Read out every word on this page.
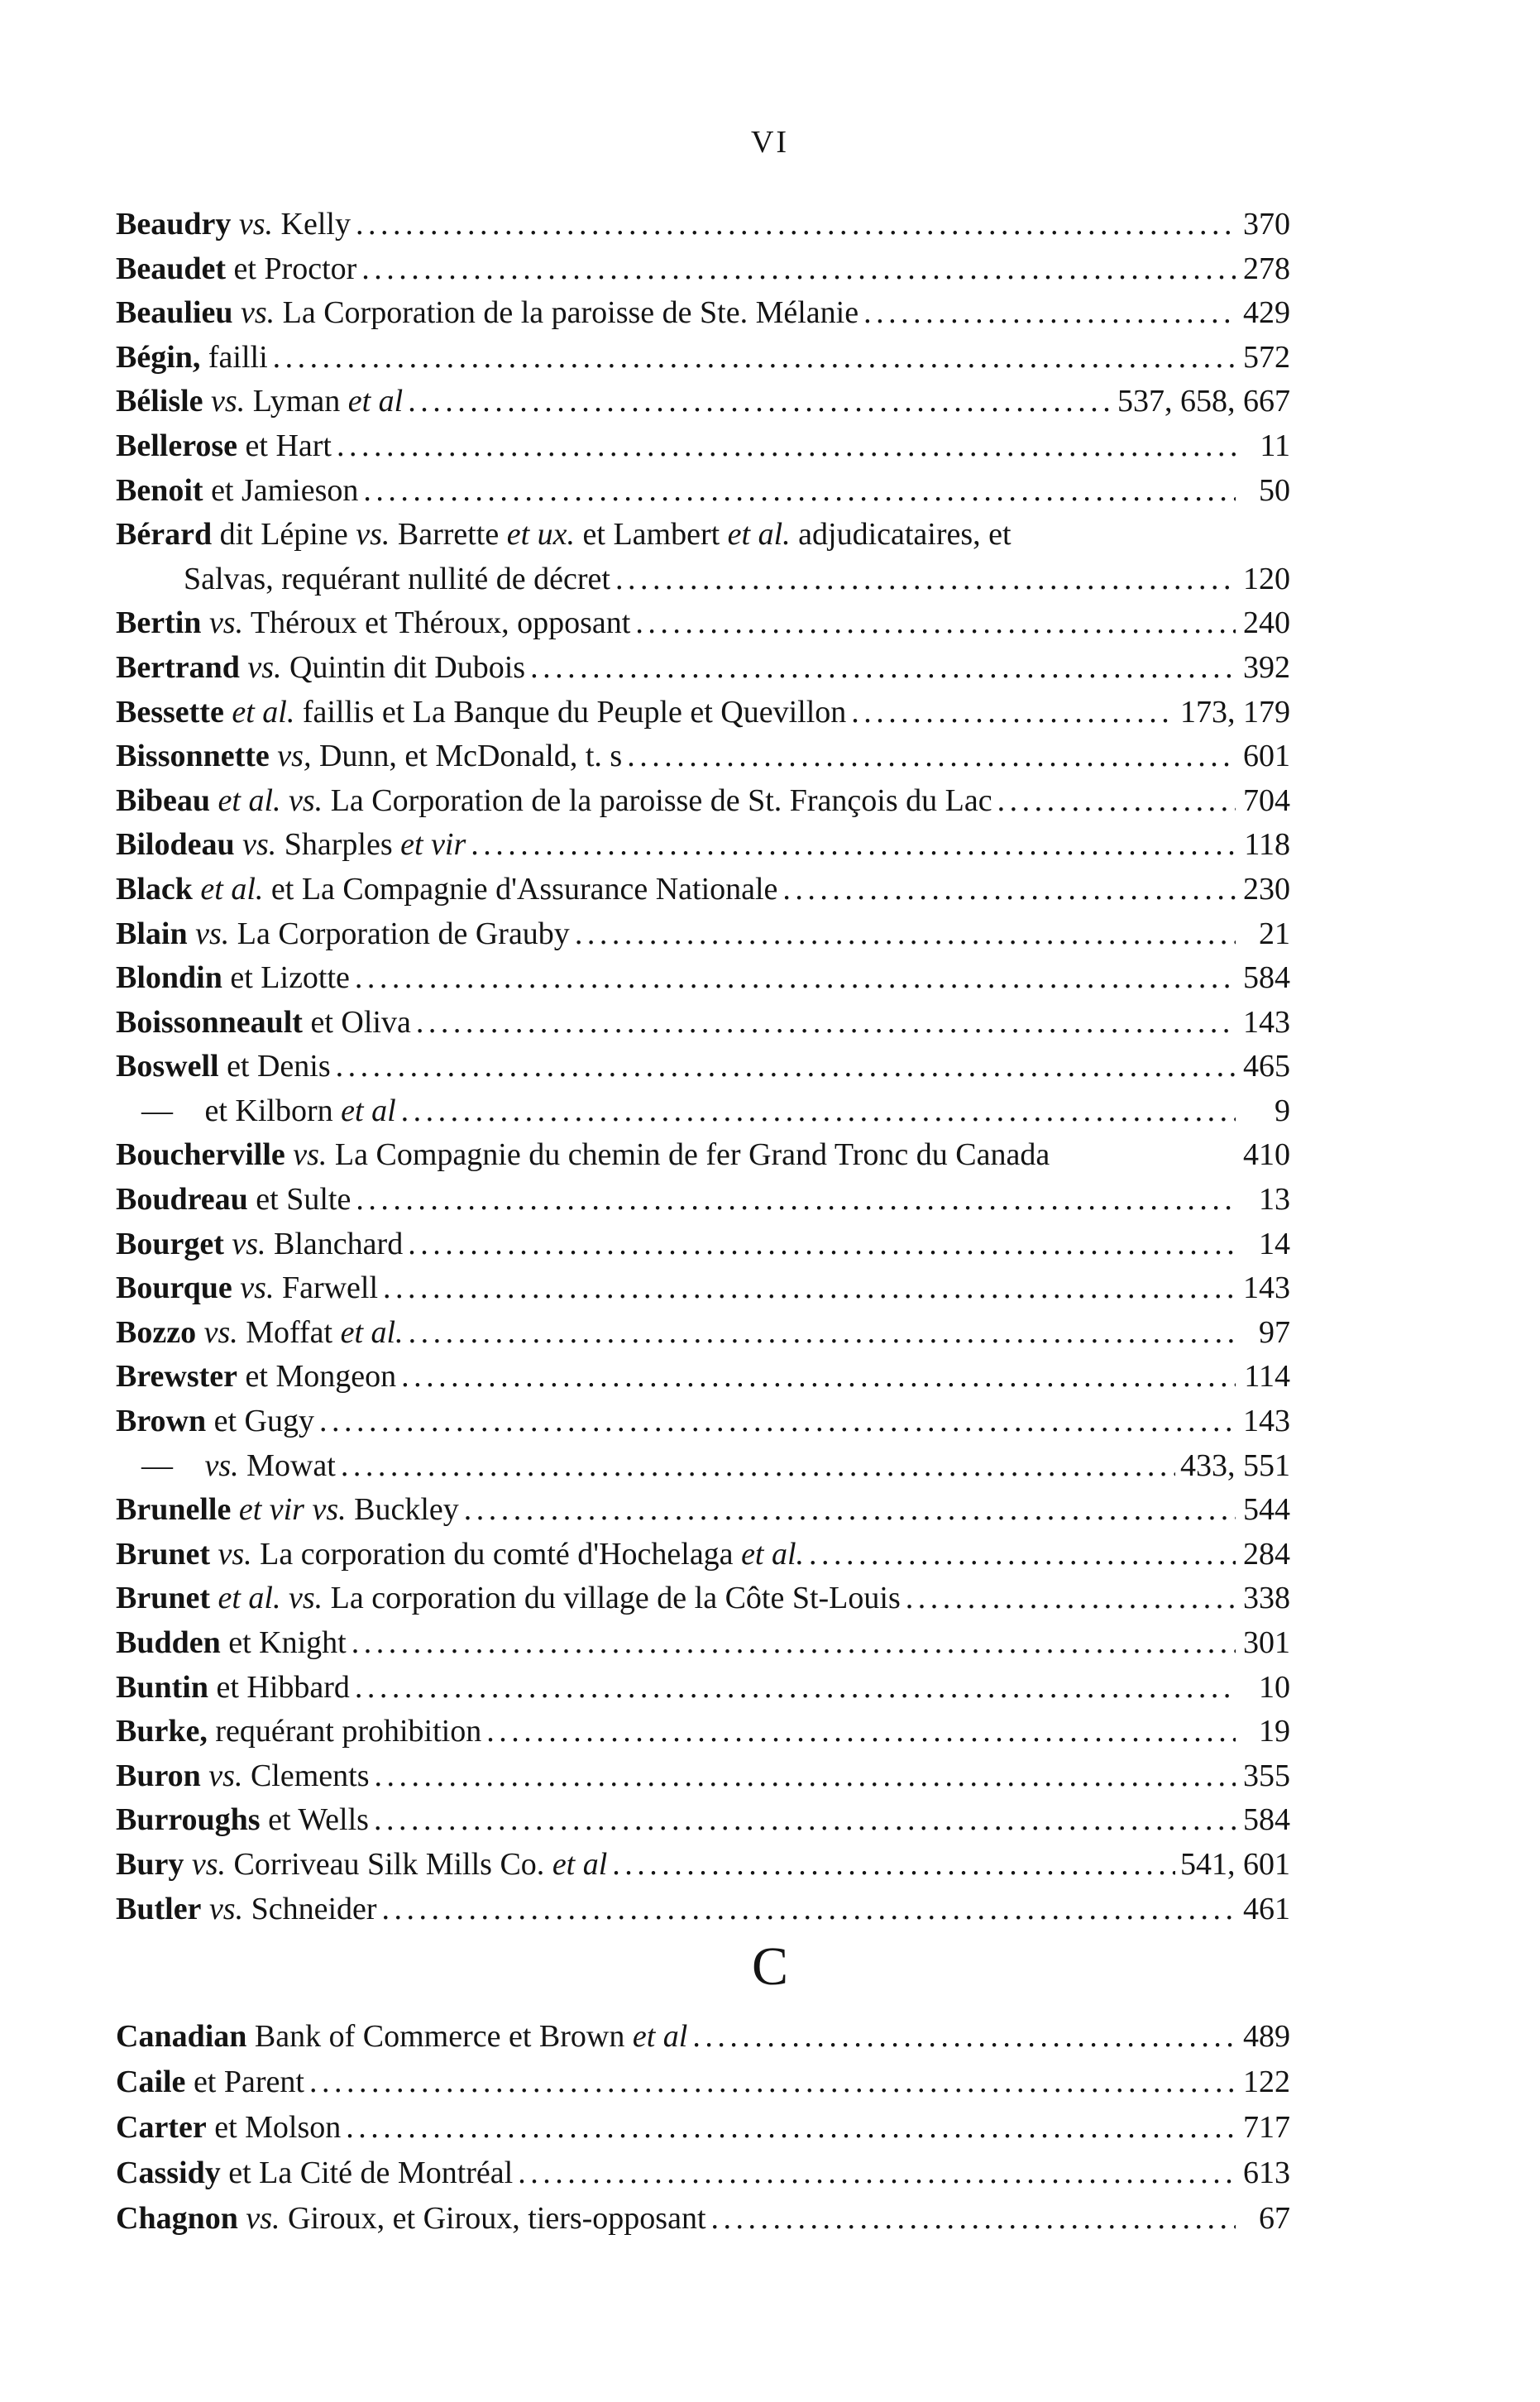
VI
Beaudry vs. Kelly . . .	370
Beaudet et Proctor . . .	278
Beaulieu vs. La Corporation de la paroisse de Ste. Mélanie . . .	429
Bégin, failli . . .	572
Bélisle vs. Lyman et al . . .	537, 658, 667
Bellerose et Hart . . .	11
Benoit et Jamieson . . .	50
Bérard dit Lépine vs. Barrette et ux. et Lambert et al. adjudicataires, et
Salvas, requérant nullité de décret . . .	120
Bertin vs. Théroux et Théroux, opposant . . .	240
Bertrand vs. Quintin dit Dubois . . .	392
Bessette et al. faillis et La Banque du Peuple et Quevillon . . .	173, 179
Bissonnette vs, Dunn, et McDonald, t. s . . .	601
Bibeau et al. vs. La Corporation de la paroisse de St. François du Lac . . .	704
Bilodeau vs. Sharples et vir . . .	118
Black et al. et La Compagnie d'Assurance Nationale . . .	230
Blain vs. La Corporation de Grauby . . .	21
Blondin et Lizotte . . .	584
Boissonneault et Oliva . . .	143
Boswell et Denis . . .	465
— et Kilborn et al . . .	9
Boucherville vs. La Compagnie du chemin de fer Grand Tronc du Canada	410
Boudreau et Sulte . . .	13
Bourget vs. Blanchard . . .	14
Bourque vs. Farwell . . .	143
Bozzo vs. Moffat et al. . . .	97
Brewster et Mongeon . . .	114
Brown et Gugy . . .	143
— vs. Mowat . . .	433, 551
Brunelle et vir vs. Buckley . . .	544
Brunet vs. La corporation du comté d'Hochelaga et al. . . .	284
Brunet et al. vs. La corporation du village de la Côte St-Louis . . .	338
Budden et Knight . . .	301
Buntin et Hibbard . . .	10
Burke, requérant prohibition . . .	19
Buron vs. Clements . . .	355
Burroughs et Wells . . .	584
Bury vs. Corriveau Silk Mills Co. et al . . .	541, 601
Butler vs. Schneider . . .	461
C
Canadian Bank of Commerce et Brown et al . . .	489
Caile et Parent . . .	122
Carter et Molson . . .	717
Cassidy et La Cité de Montréal . . .	613
Chagnon vs. Giroux, et Giroux, tiers-opposant . . .	67
